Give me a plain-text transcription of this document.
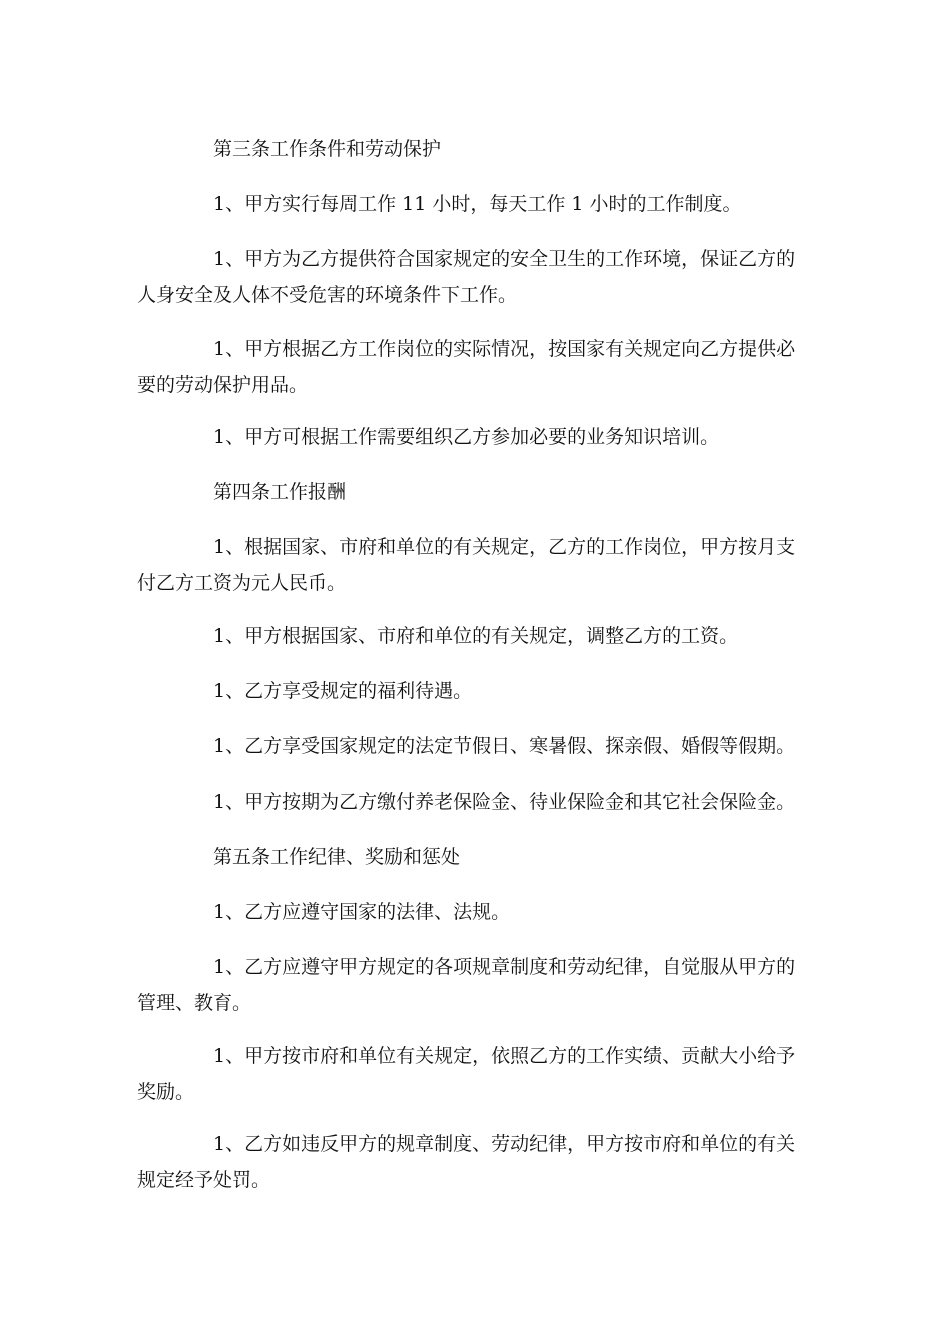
第三条工作条件和劳动保护

1、甲方实行每周工作 11 小时，每天工作 1 小时的工作制度。

1、甲方为乙方提供符合国家规定的安全卫生的工作环境，保证乙方的人身安全及人体不受危害的环境条件下工作。

1、甲方根据乙方工作岗位的实际情况，按国家有关规定向乙方提供必要的劳动保护用品。

1、甲方可根据工作需要组织乙方参加必要的业务知识培训。

第四条工作报酬

1、根据国家、市府和单位的有关规定，乙方的工作岗位，甲方按月支付乙方工资为元人民币。

1、甲方根据国家、市府和单位的有关规定，调整乙方的工资。

1、乙方享受规定的福利待遇。

1、乙方享受国家规定的法定节假日、寒暑假、探亲假、婚假等假期。

1、甲方按期为乙方缴付养老保险金、待业保险金和其它社会保险金。

第五条工作纪律、奖励和惩处

1、乙方应遵守国家的法律、法规。

1、乙方应遵守甲方规定的各项规章制度和劳动纪律，自觉服从甲方的管理、教育。

1、甲方按市府和单位有关规定，依照乙方的工作实绩、贡献大小给予奖励。

1、乙方如违反甲方的规章制度、劳动纪律，甲方按市府和单位的有关规定经予处罚。
